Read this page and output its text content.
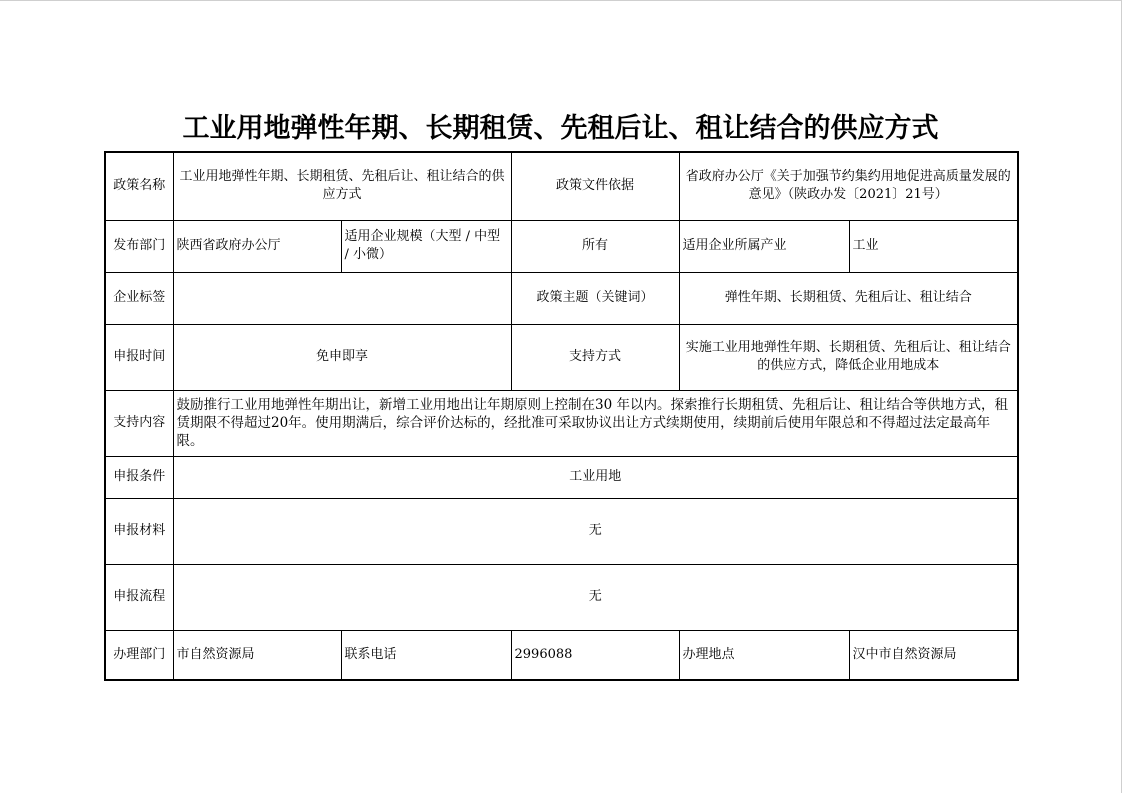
工业用地弹性年期、长期租赁、先租后让、租让结合的供应方式
政策名称	工业用地弹性年期、长期租赁、先租后让、租让结合的供应方式		政策文件依据	省政府办公厅《关于加强节约集约用地促进高质量发展的意见》（陕政办发〔2021〕21号）	
发布部门	陕西省政府办公厅	适用企业规模（大型 / 中型 / 小微）	所有	适用企业所属产业	工业
企业标签			政策主题（关键词）	弹性年期、长期租赁、先租后让、租让结合	
申报时间	免申即享		支持方式	实施工业用地弹性年期、长期租赁、先租后让、租让结合的供应方式，降低企业用地成本	
支持内容	鼓励推行工业用地弹性年期出让，新增工业用地出让年期原则上控制在30 年以内。探索推行长期租赁、先租后让、租让结合等供地方式，租赁期限不得超过20年。使用期满后，综合评价达标的，经批准可采取协议出让方式续期使用，续期前后使用年限总和不得超过法定最高年限。				
申报条件	工业用地				
申报材料	无				
申报流程	无				
办理部门	市自然资源局	联系电话	2996088	办理地点	汉中市自然资源局
